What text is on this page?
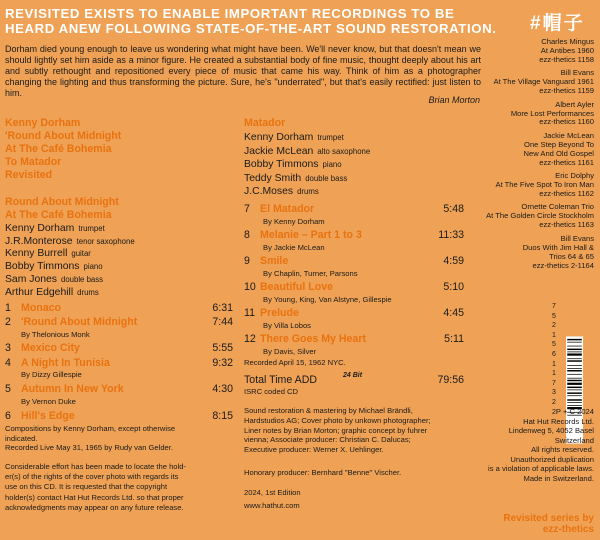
REVISITED EXISTS TO ENABLE IMPORTANT RECORDINGS TO BE
HEARD ANEW FOLLOWING STATE-OF-THE-ART SOUND RESTORATION.	#帽子
Dorham died young enough to leave us wondering what might have been. We'll never know, but that doesn't mean we should lightly set him aside as a minor figure. He created a substantial body of fine music, thought deeply about his art and subtly rethought and repositioned every piece of music that came his way. Think of him as a photographer changing the lighting and thus transforming the picture. Sure, he's "underrated", but that's easily rectified: just listen to him.
Brian Morton
Kenny Dorham
'Round About Midnight
At The Café Bohemia
To Matador
Revisited
Round About Midnight
At The Café Bohemia
Kenny Dorham trumpet
J.R.Monterose tenor saxophone
Kenny Burrell guitar
Bobby Timmons piano
Sam Jones double bass
Arthur Edgehill drums
1 Monaco	6:31
2 'Round About Midnight	7:44
By Thelonious Monk
3 Mexico City	5:55
4 A Night In Tunisia	9:32
By Dizzy Gillespie
5 Autumn In New York	4:30
By Vernon Duke
6 Hill's Edge	8:15
Compositions by Kenny Dorham, except otherwise
indicated.
Recorded Live May 31, 1965 by Rudy van Gelder.
Considerable effort has been made to locate the hold-
er(s) of the rights of the cover photo with regards its
use on this CD. It is requested that the copyright
holder(s) contact Hat Hut Records Ltd. so that proper
acknowledgments may appear on any future release.
Matador
Kenny Dorham trumpet
Jackie McLean alto saxophone
Bobby Timmons piano
Teddy Smith double bass
J.C.Moses drums
7 El Matador	5:48
By Kenny Dorham
8 Melanie – Part 1 to 3	11:33
By Jackie McLean
9 Smile	4:59
By Chaplin, Turner, Parsons
10 Beautiful Love	5:10
By Young, King, Van Alstyne, Gillespie
11 Prelude	4:45
By Villa Lobos
12 There Goes My Heart	5:11
By Davis, Silver
Recorded April 15, 1962 NYC.
Total Time ADD	79:56
24 Bit
ISRC coded CD
Sound restoration & mastering by Michael Brändli,
Hardstudios AG; Cover photo by unkown photographer;
Liner notes by Brian Morton; graphic concept by fuhrer
vienna; Associate producer: Christian C. Dalucas;
Executive producer: Werner X. Uehlinger.
Honorary producer: Bernhard "Benne" Vischer.
2024, 1st Edition
www.hathut.com
Charles Mingus
At Antibes 1960
ezz-thetics 1158
Bill Evans
At The Village Vanguard 1961
ezz-thetics 1159
Albert Ayler
More Lost Performances
ezz-thetics 1160
Jackie McLean
One Step Beyond To
New And Old Gospel
ezz-thetics 1161
Eric Dolphy
At The Five Spot To Iron Man
ezz-thetics 1162
Ornette Coleman Trio
At The Golden Circle Stockholm
ezz-thetics 1163
Bill Evans
Duos With Jim Hall &
Trios 64 & 65
ezz-thetics 2-1164
7
5
2
1
5
6
1
1
7
3
2
2 P + C 2024
Hat Hut Records Ltd.
Lindenweg 5, 4052 Basel
Switzerland
All rights reserved.
Unauthorized duplication
is a violation of applicable laws.
Made in Switzerland.
Revisited series by
ezz-thetics
